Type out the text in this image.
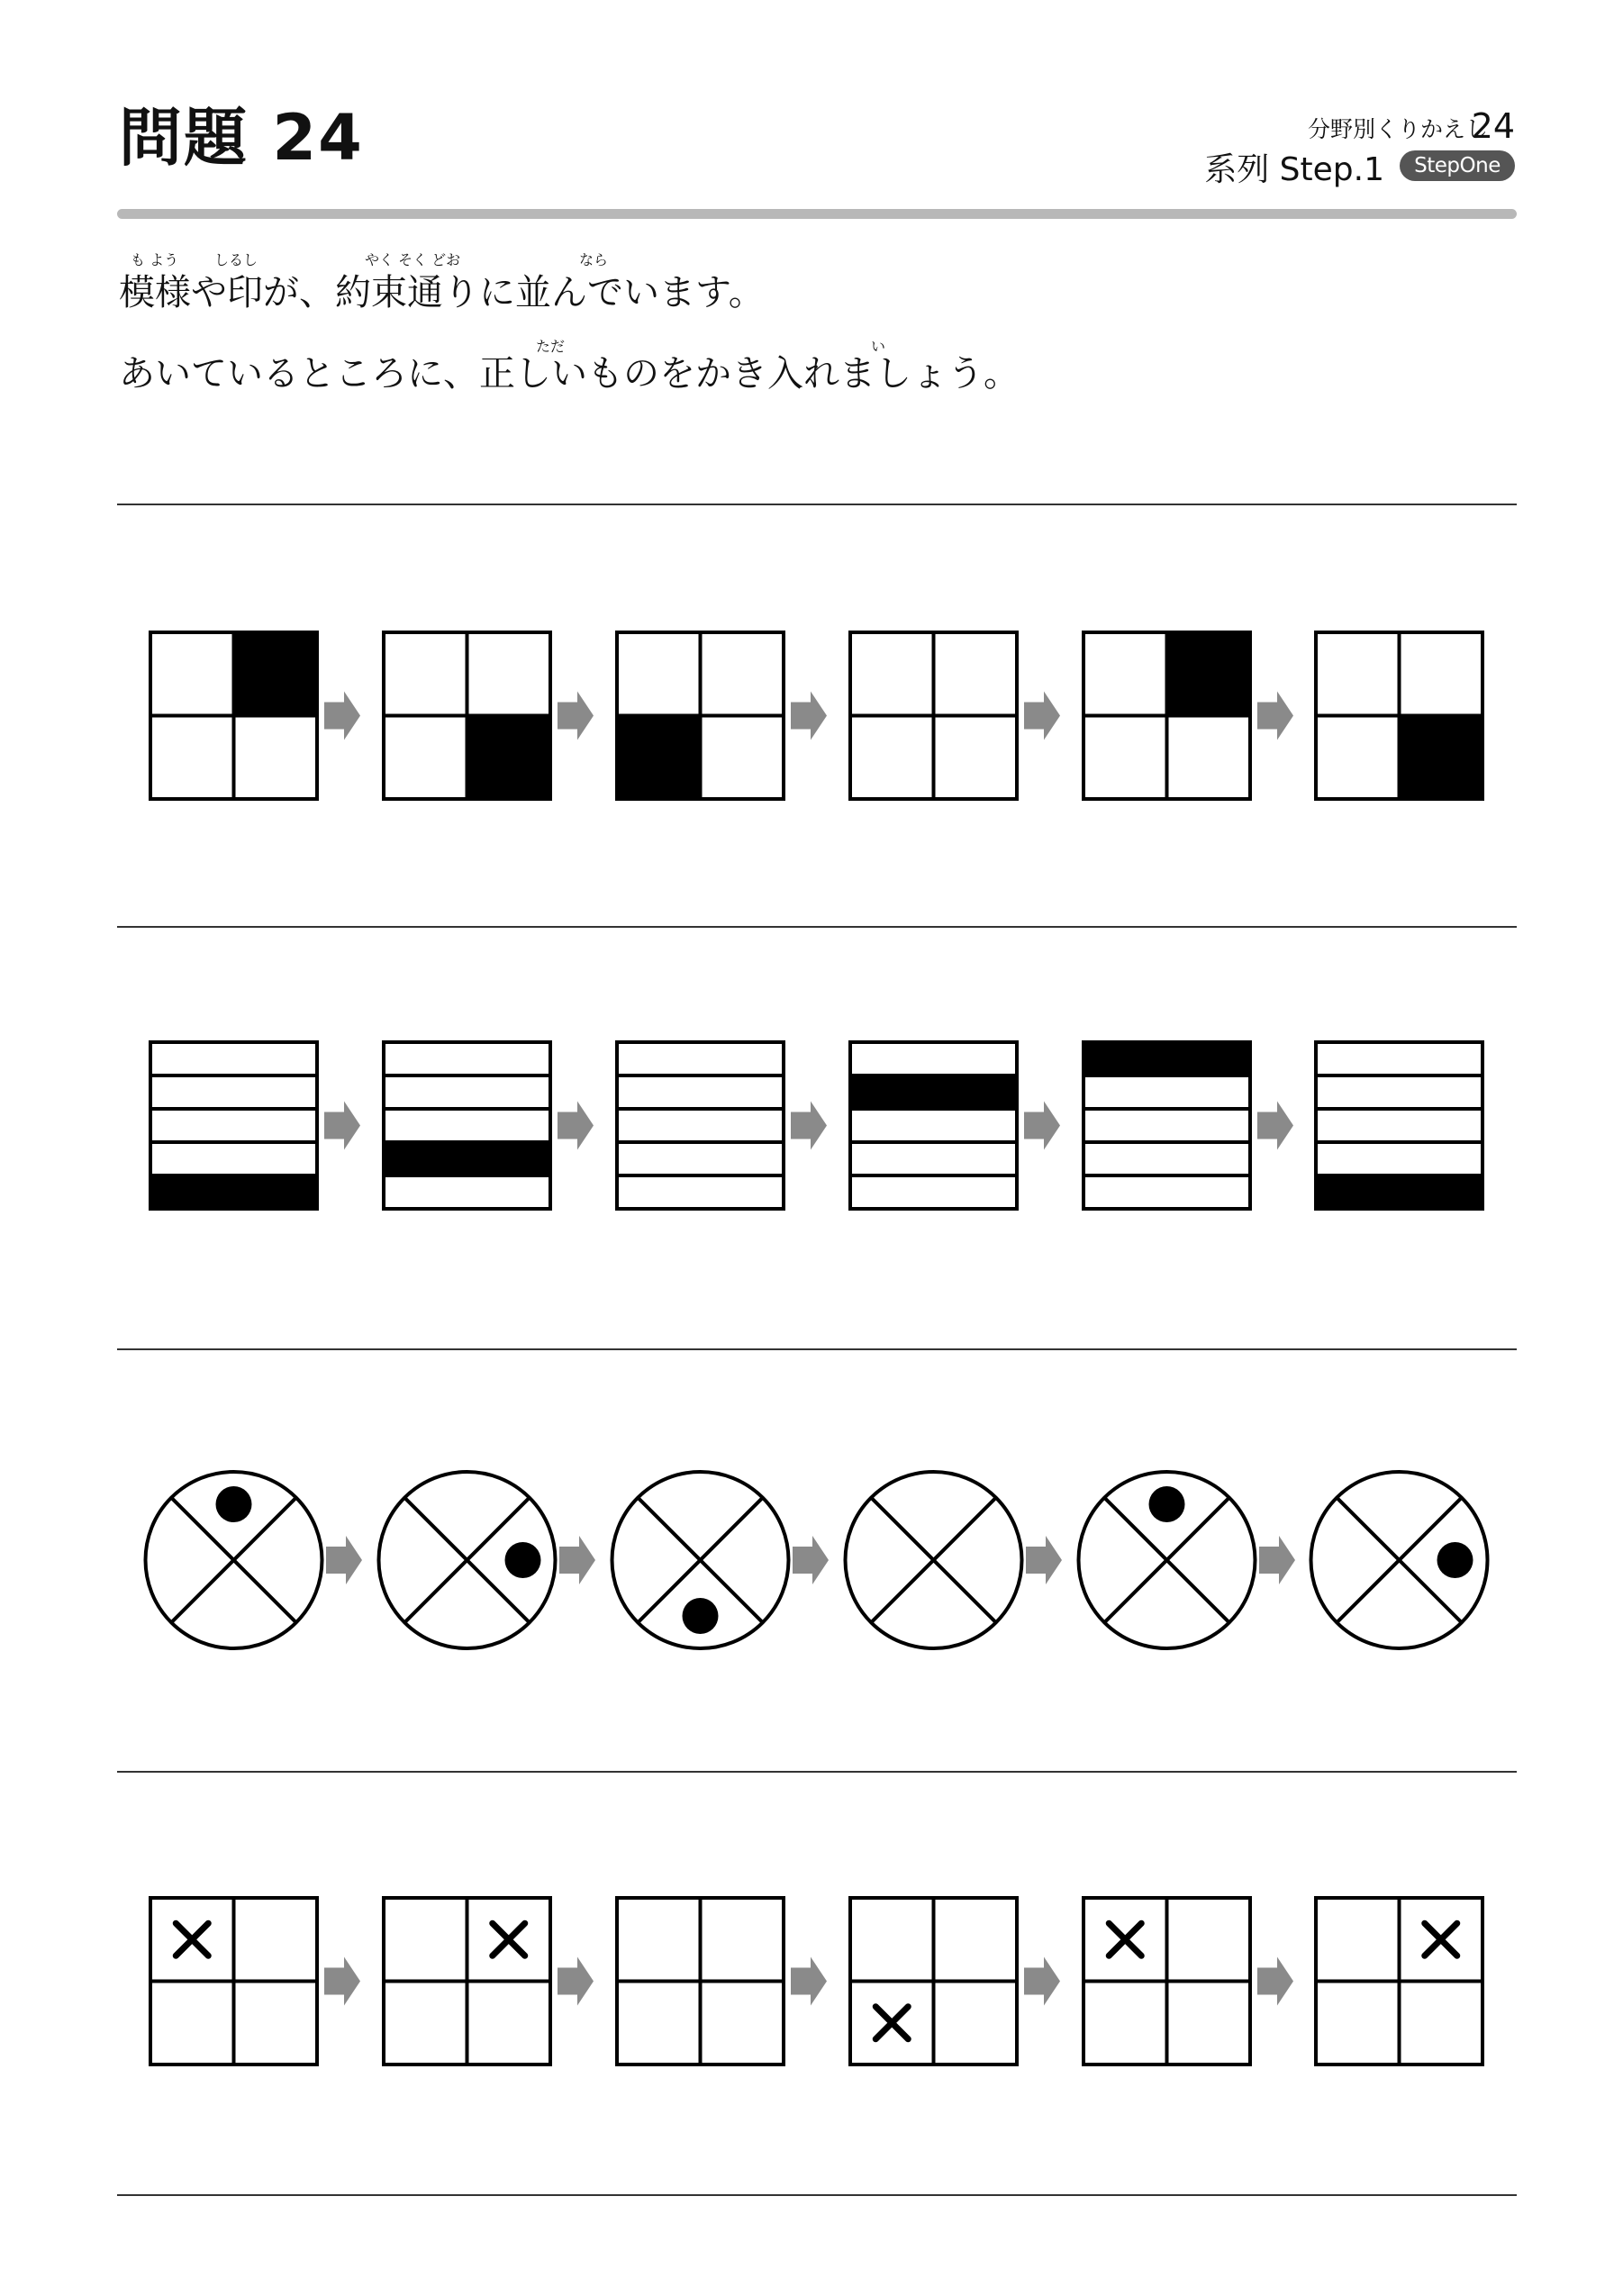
問題 24	分野別くりかえし
24
系列 Step.1	StepOne
も よう しるし	やく そく どお	なら
模様や印が、約束通りに並んでいます。
ただ	い
あいているところに、正しいものをかき入れましょう。
